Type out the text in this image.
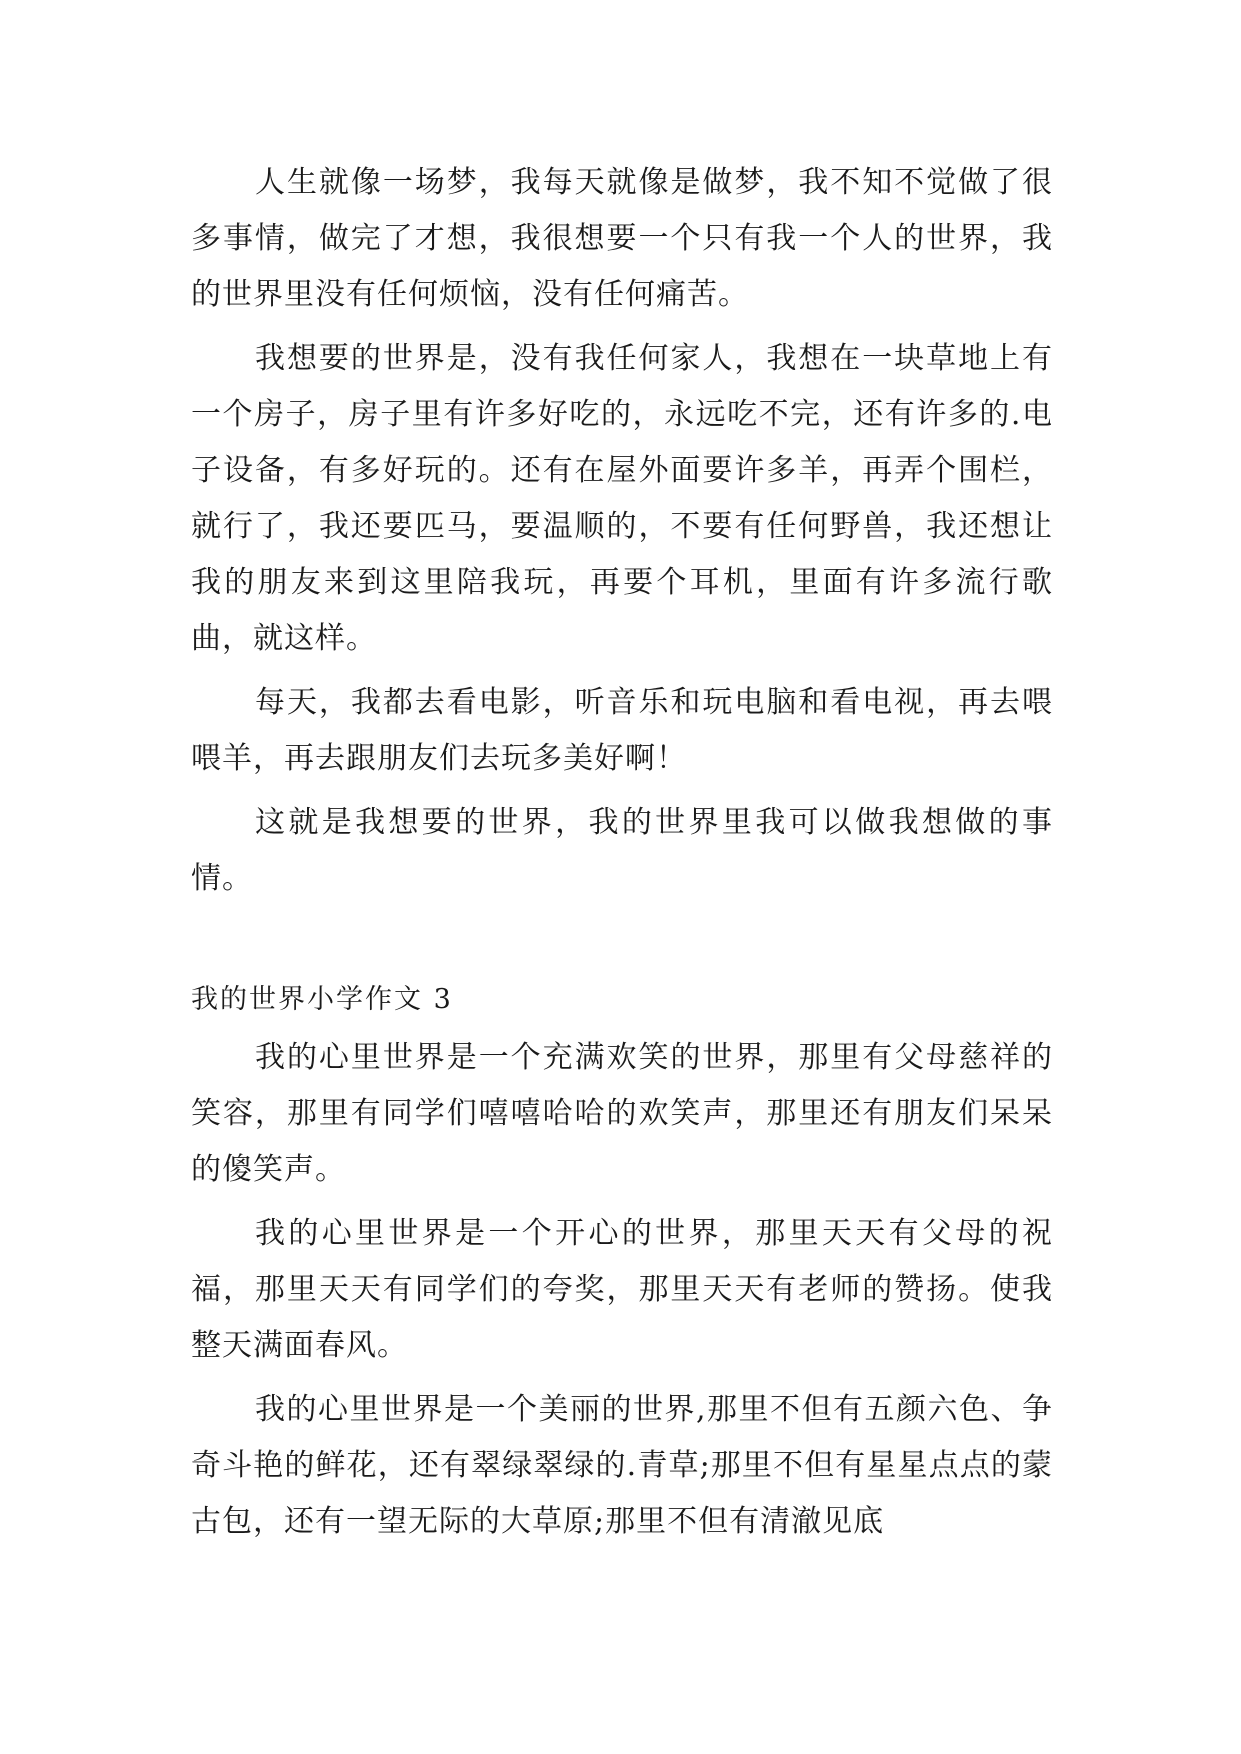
人生就像一场梦，我每天就像是做梦，我不知不觉做了很多事情，做完了才想，我很想要一个只有我一个人的世界，我的世界里没有任何烦恼，没有任何痛苦。

我想要的世界是，没有我任何家人，我想在一块草地上有一个房子，房子里有许多好吃的，永远吃不完，还有许多的.电子设备，有多好玩的。还有在屋外面要许多羊，再弄个围栏，就行了，我还要匹马，要温顺的，不要有任何野兽，我还想让我的朋友来到这里陪我玩，再要个耳机，里面有许多流行歌曲，就这样。

每天，我都去看电影，听音乐和玩电脑和看电视，再去喂喂羊，再去跟朋友们去玩多美好啊！

这就是我想要的世界，我的世界里我可以做我想做的事情。

我的世界小学作文 3

我的心里世界是一个充满欢笑的世界，那里有父母慈祥的笑容，那里有同学们嘻嘻哈哈的欢笑声，那里还有朋友们呆呆的傻笑声。

我的心里世界是一个开心的世界，那里天天有父母的祝福，那里天天有同学们的夸奖，那里天天有老师的赞扬。使我整天满面春风。

我的心里世界是一个美丽的世界,那里不但有五颜六色、争奇斗艳的鲜花，还有翠绿翠绿的.青草;那里不但有星星点点的蒙古包，还有一望无际的大草原;那里不但有清澈见底
